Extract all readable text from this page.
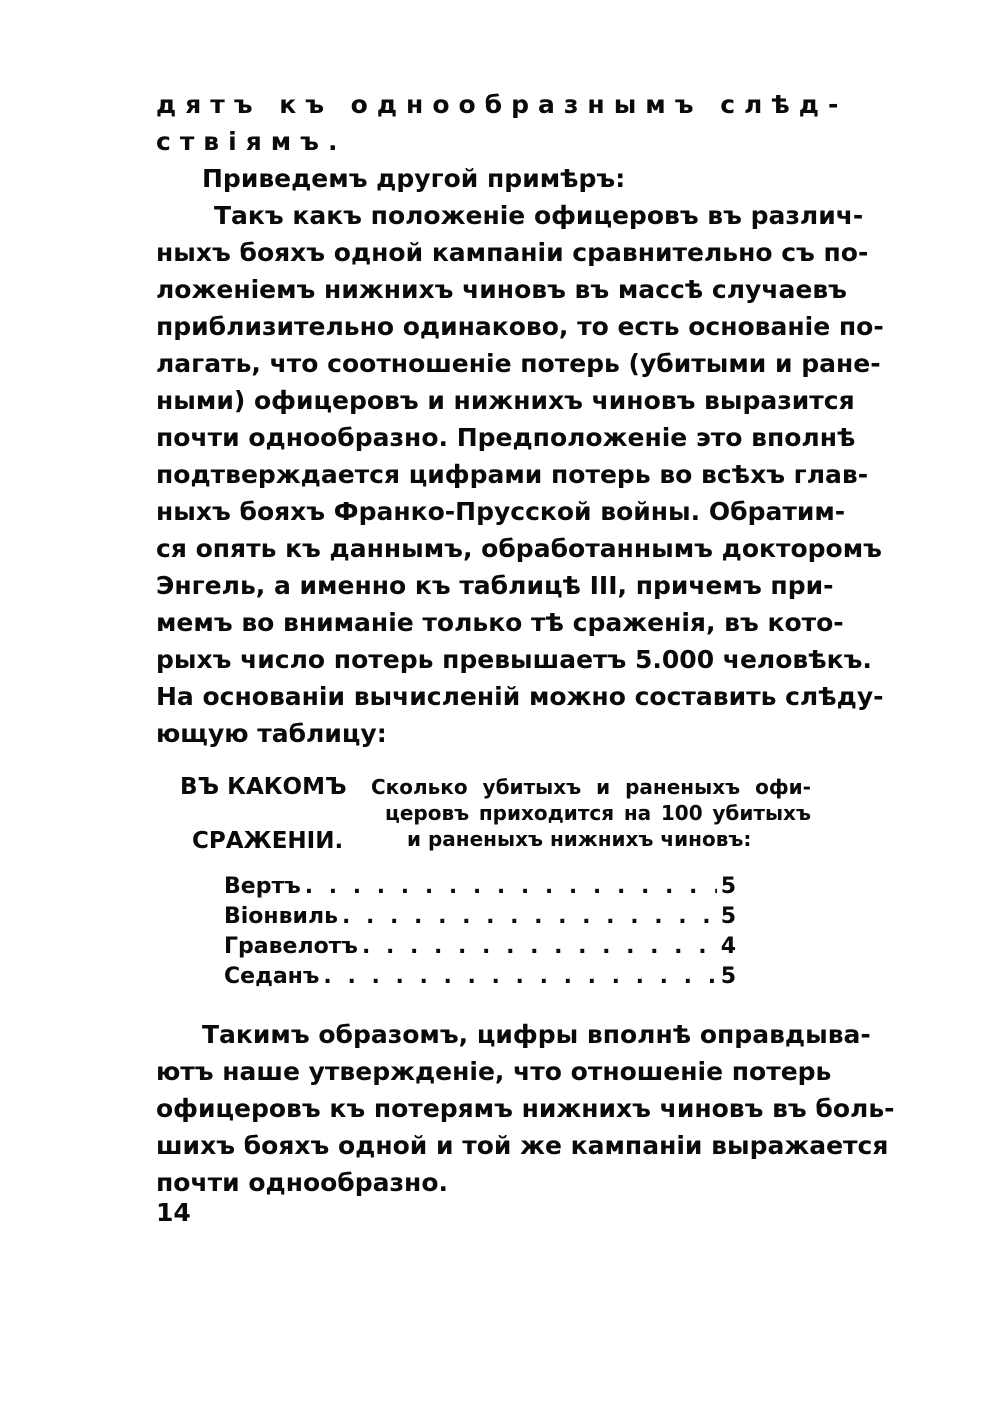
дятъ къ однообразнымъ слѣд-
ствiямъ.
Приведемъ другой примѣръ:
Такъ какъ положенiе офицеровъ въ различ-
ныхъ бояхъ одной кампанiи сравнительно съ по-
ложенiемъ нижнихъ чиновъ въ массѣ случаевъ
приблизительно одинаково, то есть основанiе по-
лагать, что соотношенiе потерь (убитыми и ране-
ными) офицеровъ и нижнихъ чиновъ выразится
почти однообразно. Предположенiе это вполнѣ
подтверждается цифрами потерь во всѣхъ глав-
ныхъ бояхъ Франко-Прусской войны. Обратим-
ся опять къ даннымъ, обработаннымъ докторомъ
Энгель, а именно къ таблицѣ III, причемъ при-
мемъ во вниманiе только тѣ сраженiя, въ кото-
рыхъ число потерь превышаетъ 5.000 человѣкъ.
На основанiи вычисленiй можно составить слѣду-
ющую таблицу:
ВЪ КАКОМЪ
СРАЖЕНIИ.
Сколько убитыхъ и раненыхъ офи-
церовъ приходится на 100 убитыхъ
и раненыхъ нижнихъ чиновъ:
Вертъ . . .	5
Вiонвиль . . .	5
Гравелотъ . . .	4
Седанъ . . .	5
Такимъ образомъ, цифры вполнѣ оправдыва-
ютъ наше утвержденiе, что отношенiе потерь
офицеровъ къ потерямъ нижнихъ чиновъ въ боль-
шихъ бояхъ одной и той же кампанiи выражается
почти однообразно.
14
